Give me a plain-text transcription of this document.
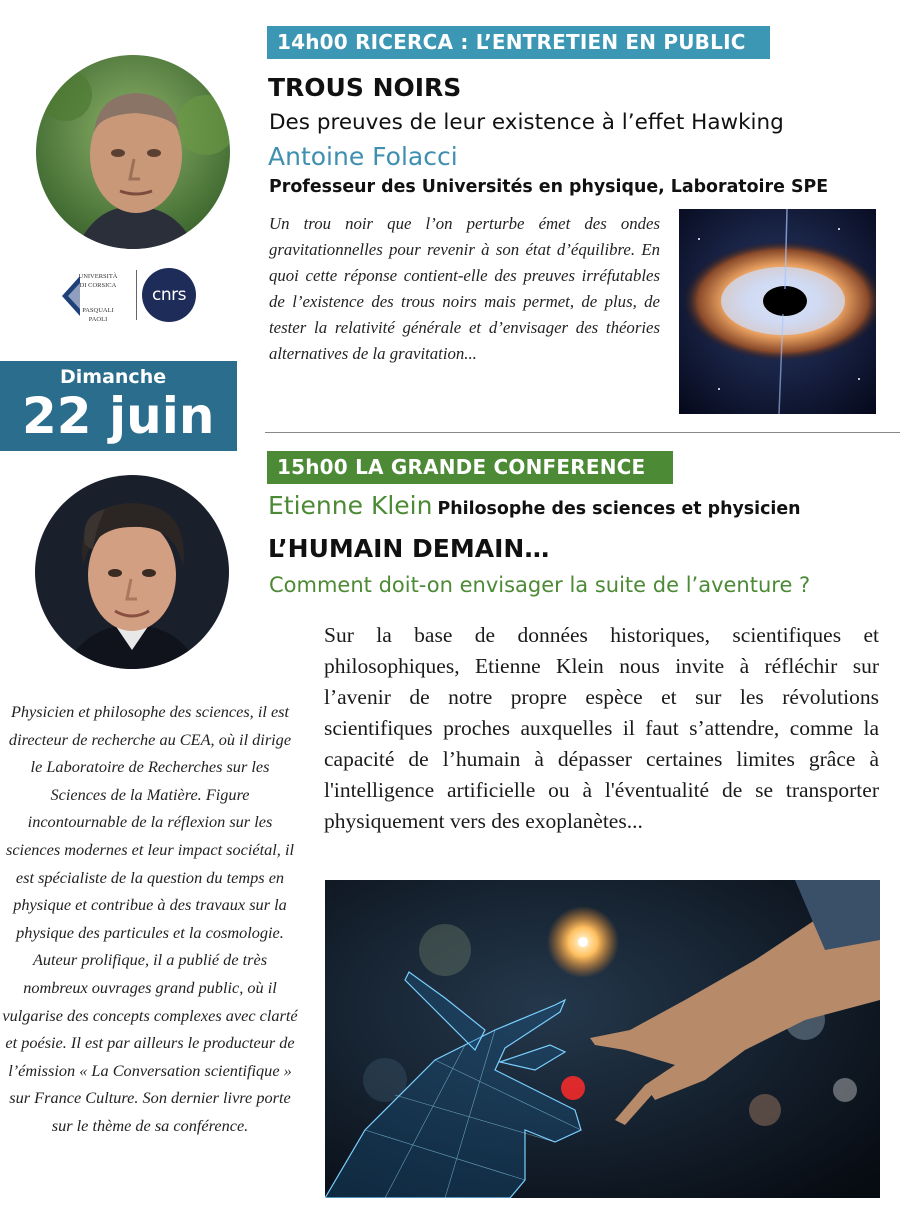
14h00 RICERCA : L’ENTRETIEN EN PUBLIC
TROUS NOIRS
Des preuves de leur existence à l’effet Hawking
Antoine Folacci
Professeur des Universités en physique, Laboratoire SPE
UNIVERSITÀ
DI CORSICA
PASQUALI
PAOLI
cnrs
Dimanche
22 juin
Un trou noir que l’on perturbe émet des ondes gravitationnelles pour revenir à son état d’équilibre. En quoi cette réponse contient-elle des preuves irréfutables de l’existence des trous noirs mais permet, de plus, de tester la relativité générale et d’envisager des théories alternatives de la gravitation...
15h00 LA GRANDE CONFERENCE
Etienne Klein Philosophe des sciences et physicien
L’HUMAIN DEMAIN…
Comment doit-on envisager la suite de l’aventure ?
Sur la base de données historiques, scientifiques et philosophiques, Etienne Klein nous invite à réfléchir sur l’avenir de notre propre espèce et sur les révolutions scientifiques proches auxquelles il faut s’attendre, comme la capacité de l’humain à dépasser certaines limites grâce à l'intelligence artificielle ou à l'éventualité de se transporter physiquement vers des exoplanètes...
Physicien et philosophe des sciences, il est directeur de recherche au CEA, où il dirige le Laboratoire de Recherches sur les Sciences de la Matière. Figure incontournable de la réflexion sur les sciences modernes et leur impact sociétal, il est spécialiste de la question du temps en physique et contribue à des travaux sur la physique des particules et la cosmologie. Auteur prolifique, il a publié de très nombreux ouvrages grand public, où il vulgarise des concepts complexes avec clarté et poésie. Il est par ailleurs le producteur de l’émission « La Conversation scientifique » sur France Culture. Son dernier livre porte sur le thème de sa conférence.
